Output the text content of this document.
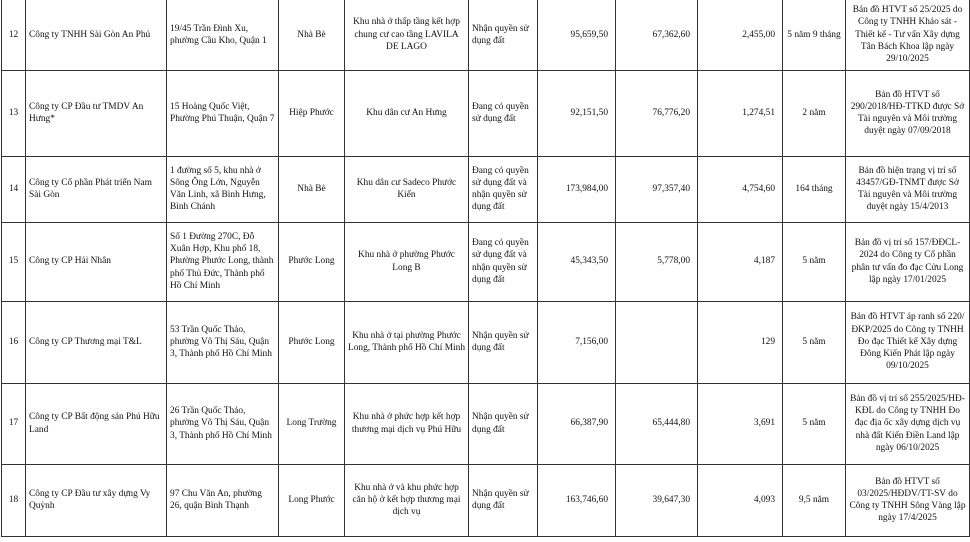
12	Công ty TNHH Sài Gòn An Phú	19/45 Trần Đình Xu, phường Cầu Kho, Quận 1	Nhà Bè	Khu nhà ở thấp tầng kết hợp chung cư cao tầng LAVILA DE LAGO	Nhận quyền sử dụng đất	95,659,50	67,362,60	2,455,00	5 năm 9 tháng	Bản đồ HTVT số 25/2025 do Công ty TNHH Khảo sát - Thiết kế - Tư vấn Xây dựng Tân Bách Khoa lập ngày 29/10/2025
13	Công ty CP Đầu tư TMDV An Hưng*	15 Hoàng Quốc Việt, Phường Phú Thuận, Quận 7	Hiệp Phước	Khu dân cư An Hưng	Đang có quyền sử dụng đất	92,151,50	76,776,20	1,274,51	2 năm	Bản đồ HTVT số 290/2018/HĐ-TTKD được Sở Tài nguyên và Môi trường duyệt ngày 07/09/2018
14	Công ty Cổ phần Phát triển Nam Sài Gòn	1 đường số 5, khu nhà ở Sông Ông Lớn, Nguyễn Văn Linh, xã Bình Hưng, Bình Chánh	Nhà Bè	Khu dân cư Sadeco Phước Kiển	Đang có quyền sử dụng đất và nhận quyền sử dụng đất	173,984,00	97,357,40	4,754,60	164 tháng	Bản đồ hiện trạng vị trí số 43457/GĐ-TNMT được Sở Tài nguyên và Môi trường duyệt ngày 15/4/2013
15	Công ty CP Hải Nhân	Số 1 Đường 270C, Đỗ Xuân Hợp, Khu phố 18, Phường Phước Long, thành phố Thủ Đức, Thành phố Hồ Chí Minh	Phước Long	Khu nhà ở phường Phước Long B	Đang có quyền sử dụng đất và nhận quyền sử dụng đất	45,343,50	5,778,00	4,187	5 năm	Bản đồ vị trí số 157/ĐĐCL-2024 do Công ty Cổ phần phân tư vấn đo đạc Cửu Long lập ngày 17/01/2025
16	Công ty CP Thương mại T&L	53 Trần Quốc Thảo, phường Võ Thị Sáu, Quận 3, Thành phố Hồ Chí Minh	Phước Long	Khu nhà ở tại phường Phước Long, Thành phố Hồ Chí Minh	Nhận quyền sử dụng đất	7,156,00		129	5 năm	Bản đồ HTVT áp ranh số 220/ĐKP/2025 do Công ty TNHH Đo đạc Thiết kế Xây dựng Đông Kiến Phát lập ngày 09/10/2025
17	Công ty CP Bất động sản Phú Hữu Land	26 Trần Quốc Thảo, phường Võ Thị Sáu, Quận 3, Thành phố Hồ Chí Minh	Long Trường	Khu nhà ở phức hợp kết hợp thương mại dịch vụ Phú Hữu	Nhận quyền sử dụng đất	66,387,90	65,444,80	3,691	5 năm	Bản đồ vị trí số 255/2025/HĐ-KĐL do Công ty TNHH Đo đạc địa ốc xây dựng dịch vụ nhà đất Kiến Điền Land lập ngày 06/10/2025
18	Công ty CP Đầu tư xây dựng Vy Quỳnh	97 Chu Văn An, phường 26, quận Bình Thạnh	Long Phước	Khu nhà ở và khu phức hợp căn hộ ở kết hợp thương mại dịch vụ	Nhận quyền sử dụng đất	163,746,60	39,647,30	4,093	9,5 năm	Bản đồ HTVT số 03/2025/HĐDV/TT-SV do Công ty TNHH Sông Vàng lập ngày 17/4/2025
